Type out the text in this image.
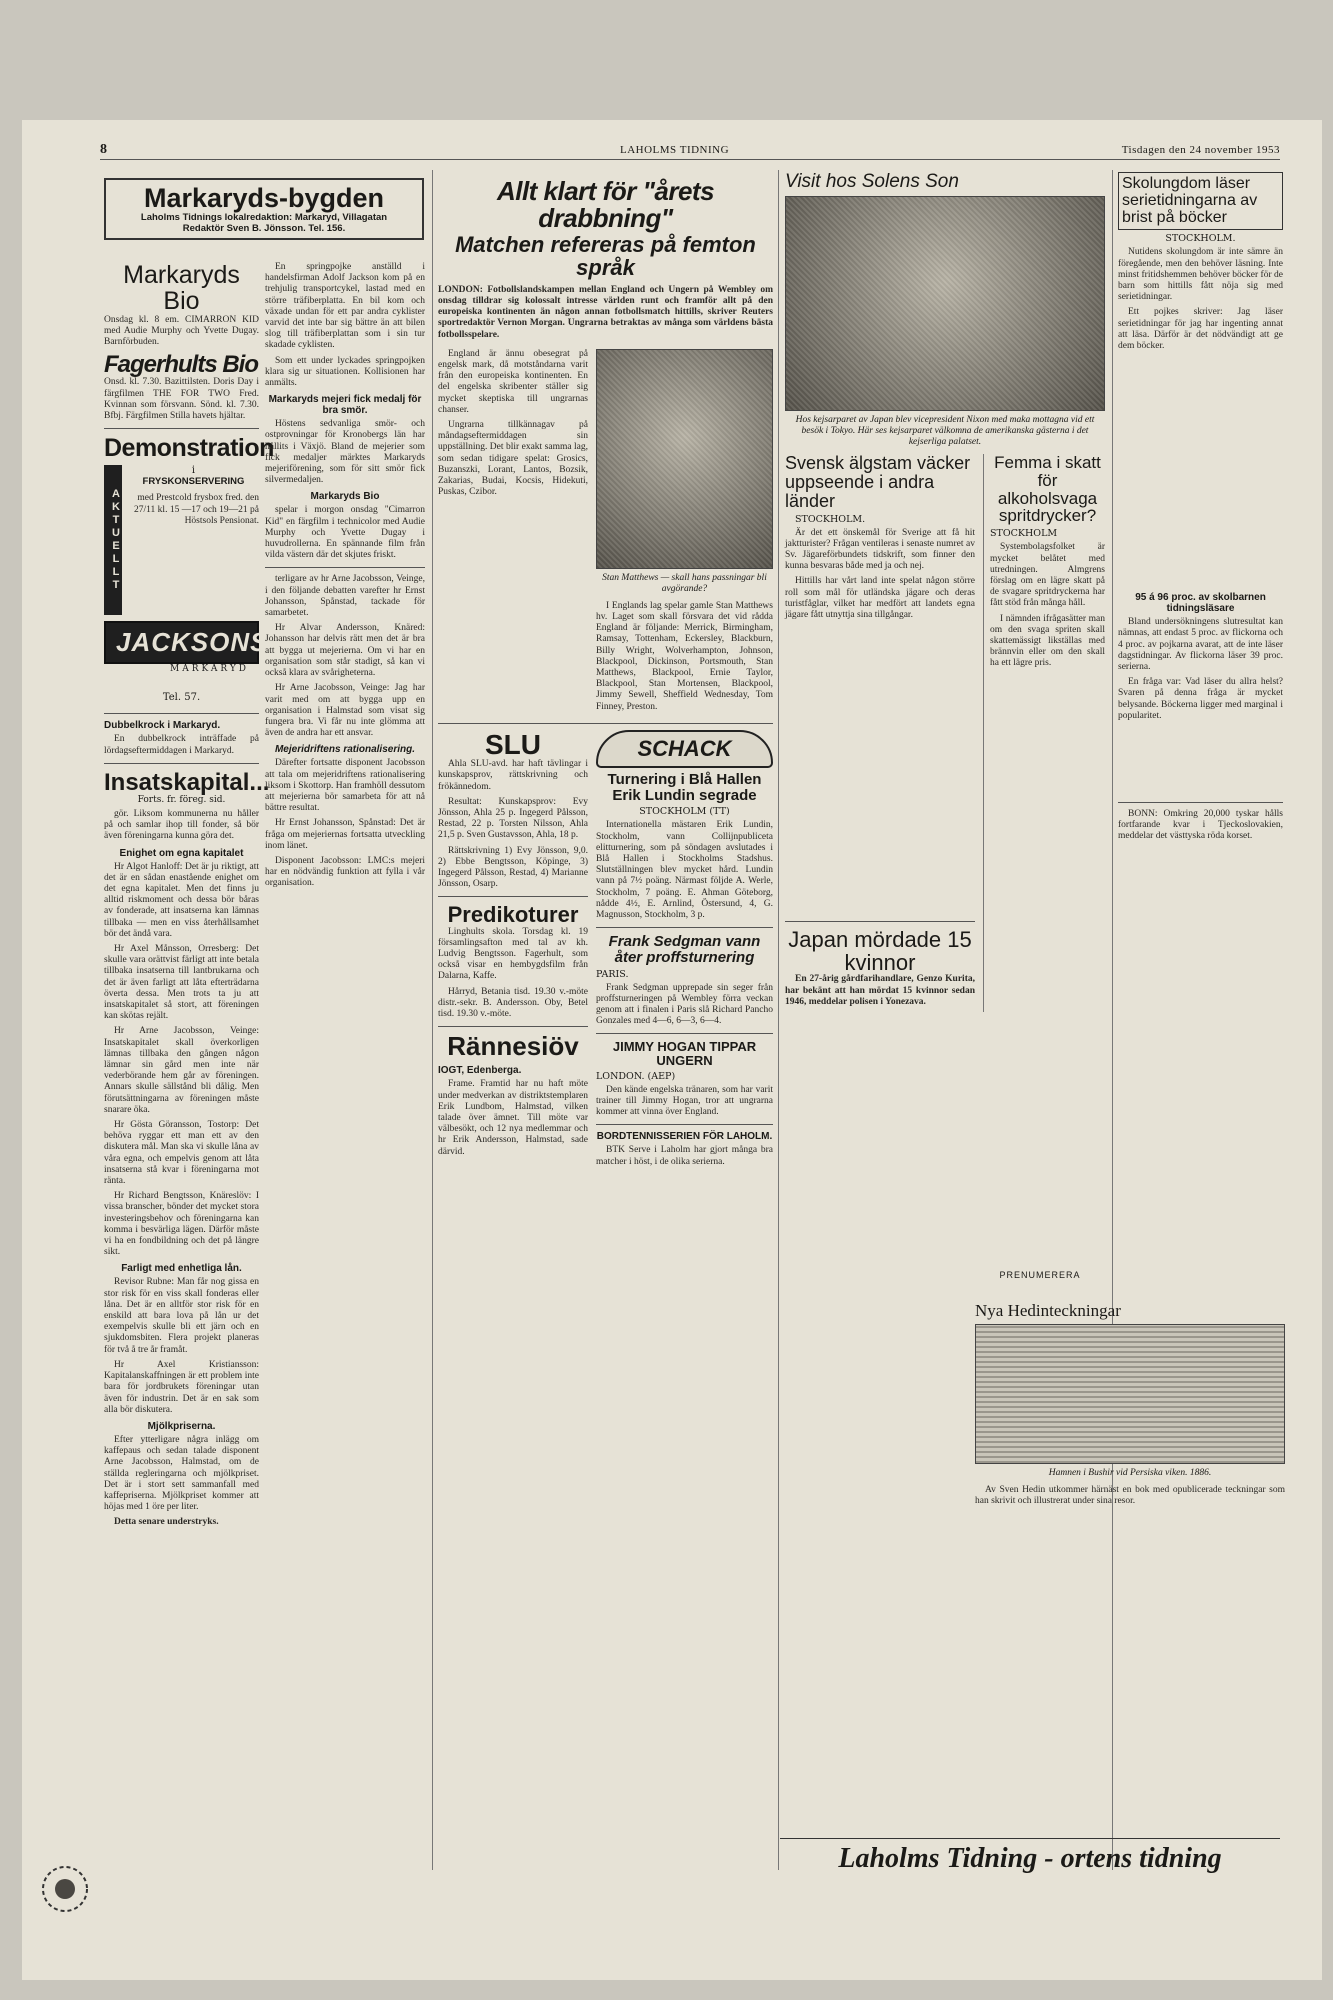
8	LAHOLMS TIDNING	Tisdagen den 24 november 1953
Markaryds-bygden
Laholms Tidnings lokalredaktion: Markaryd, Villagatan
Redaktör Sven B. Jönsson. Tel. 156.
Markaryds Bio
Onsdag kl. 8 em. CIMARRON KID med Audie Murphy och Yvette Dugay. Barnförbuden.
Fagerhults Bio
Onsd. kl. 7.30. Bazittilsten. Doris Day i färgfilmen THE FOR TWO Fred. Kvinnan som försvann. Sönd. kl. 7.30. Bfbj. Färgfilmen Stilla havets hjältar.
Demonstration
AKTUELLT
i
FRYSKONSERVERING
med Prestcold frysbox fred. den 27/11 kl. 15 —17 och 19—21 på Höstsols Pensionat.
JACKSONS
MARKARYD
Tel. 57.
Dubbelkrock i Markaryd.
En dubbelkrock inträffade på lördagseftermiddagen i Markaryd.
Insatskapital...
Forts. fr. föreg. sid.
gör. Liksom kommunerna nu håller på och samlar ihop till fonder, så bör även föreningarna kunna göra det.
Enighet om egna kapitalet
Hr Algot Hanloff: Det är ju riktigt, att det är en sådan enastående enighet om det egna kapitalet. Men det finns ju alltid riskmoment och dessa bör båras av fonderade, att insatserna kan lämnas tillbaka — men en viss återhållsamhet bör det ändå vara.
Hr Axel Månsson, Orresberg: Det skulle vara orättvist färligt att inte betala tillbaka insatserna till lantbrukarna och det är även farligt att låta efterträdarna överta dessa. Men trots ta ju att insatskapitalet så stort, att föreningen kan skötas rejält.
Hr Arne Jacobsson, Veinge: Insatskapitalet skall överkorligen lämnas tillbaka den gången någon lämnar sin gård men inte när vederbörande hem går av föreningen. Annars skulle sällstånd bli dålig. Men förutsättningarna av föreningen måste snarare öka.
Hr Gösta Göransson, Tostorp: Det behöva ryggar ett man ett av den diskutera mål. Man ska vi skulle låna av våra egna, och empelvis genom att låta insatserna stå kvar i föreningarna mot ränta.
Hr Richard Bengtsson, Knäreslöv: I vissa branscher, bönder det mycket stora investeringsbehov och föreningarna kan komma i besvärliga lägen. Därför måste vi ha en fondbildning och det på längre sikt.
Farligt med enhetliga lån.
Revisor Rubne: Man får nog gissa en stor risk för en viss skall fonderas eller låna. Det är en alltför stor risk för en enskild att bara lova på lån ur det exempelvis skulle bli ett järn och en sjukdomsbiten. Flera projekt planeras för två å tre år framåt.
Hr Axel Kristiansson: Kapitalanskaffningen är ett problem inte bara för jordbrukets föreningar utan även för industrin. Det är en sak som alla bör diskutera.
Mjölkpriserna.
Efter ytterligare några inlägg om kaffepaus och sedan talade disponent Arne Jacobsson, Halmstad, om de ställda regleringarna och mjölkpriset. Det är i stort sett sammanfall med kaffepriserna. Mjölkpriset kommer att höjas med 1 öre per liter.
Detta senare understryks.
En springpojke anställd i handelsfirman Adolf Jackson kom på en trehjulig transportcykel, lastad med en större träfiberplatta. En bil kom och växade undan för ett par andra cyklister varvid det inte bar sig bättre än att bilen slog till träfiberplattan som i sin tur skadade cyklisten.
Som ett under lyckades springpojken klara sig ur situationen. Kollisionen har anmälts.
Markaryds mejeri fick medalj för bra smör.
Höstens sedvanliga smör- och ostprovningar för Kronobergs län har hållits i Växjö. Bland de mejerier som fick medaljer märktes Markaryds mejeriförening, som för sitt smör fick silvermedaljen.
Markaryds Bio
spelar i morgon onsdag "Cimarron Kid" en färgfilm i technicolor med Audie Murphy och Yvette Dugay i huvudrollerna. En spännande film från vilda västern där det skjutes friskt.
terligare av hr Arne Jacobsson, Veinge, i den följande debatten varefter hr Ernst Johansson, Spånstad, tackade för samarbetet.
Hr Alvar Andersson, Knäred: Johansson har delvis rätt men det är bra att bygga ut mejerierna. Om vi har en organisation som står stadigt, så kan vi också klara av svårigheterna.
Hr Arne Jacobsson, Veinge: Jag har varit med om att bygga upp en organisation i Halmstad som visat sig fungera bra. Vi får nu inte glömma att även de andra har ett ansvar.
Mejeridriftens rationalisering.
Därefter fortsatte disponent Jacobsson att tala om mejeridriftens rationalisering liksom i Skottorp. Han framhöll dessutom att mejerierna bör samarbeta för att nå bättre resultat.
Hr Ernst Johansson, Spånstad: Det är fråga om mejeriernas fortsatta utveckling inom länet.
Disponent Jacobsson: LMC:s mejeri har en nödvändig funktion att fylla i vår organisation.
Allt klart för "årets drabbning"
Matchen refereras på femton språk
LONDON: Fotbollslandskampen mellan England och Ungern på Wembley om onsdag tilldrar sig kolossalt intresse världen runt och framför allt på den europeiska kontinenten än någon annan fotbollsmatch hittills, skriver Reuters sportredaktör Vernon Morgan. Ungrarna betraktas av många som världens bästa fotbollsspelare.
England är ännu obesegrat på engelsk mark, då motståndarna varit från den europeiska kontinenten. En del engelska skribenter ställer sig mycket skeptiska till ungrarnas chanser.
Ungrarna tillkännagav på måndagseftermiddagen sin uppställning. Det blir exakt samma lag, som sedan tidigare spelat: Grosics, Buzanszki, Lorant, Lantos, Bozsik, Zakarias, Budai, Kocsis, Hidekuti, Puskas, Czibor.
Stan Matthews — skall hans passningar bli avgörande?
I Englands lag spelar gamle Stan Matthews hv. Laget som skall försvara det vid rådda England är följande: Merrick, Birmingham, Ramsay, Tottenham, Eckersley, Blackburn, Billy Wright, Wolverhampton, Johnson, Blackpool, Dickinson, Portsmouth, Stan Matthews, Blackpool, Ernie Taylor, Blackpool, Stan Mortensen, Blackpool, Jimmy Sewell, Sheffield Wednesday, Tom Finney, Preston.
SLU
Ahla SLU-avd. har haft tävlingar i kunskapsprov, rättskrivning och frökännedom.
Resultat: Kunskapsprov: Evy Jönsson, Ahla 25 p. Ingegerd Pålsson, Restad, 22 p. Torsten Nilsson, Ahla 21,5 p. Sven Gustavsson, Ahla, 18 p.
Rättskrivning 1) Evy Jönsson, 9,0. 2) Ebbe Bengtsson, Köpinge, 3) Ingegerd Pålsson, Restad, 4) Marianne Jönsson, Osarp.
Predikoturer
Linghults skola. Torsdag kl. 19 församlingsafton med tal av kh. Ludvig Bengtsson. Fagerhult, som också visar en hembygdsfilm från Dalarna, Kaffe.
Hårryd, Betania tisd. 19.30 v.-möte distr.-sekr. B. Andersson. Oby, Betel tisd. 19.30 v.-möte.
Rännesiöv
IOGT, Edenberga.
Frame. Framtid har nu haft möte under medverkan av distriktstemplaren Erik Lundbom, Halmstad, vilken talade över ämnet. Till möte var välbesökt, och 12 nya medlemmar och hr Erik Andersson, Halmstad, sade därvid.
SCHACK
Turnering i Blå Hallen
Erik Lundin segrade
STOCKHOLM (TT)
Internationella mästaren Erik Lundin, Stockholm, vann Collijnpubliceta elitturnering, som på söndagen avslutades i Blå Hallen i Stockholms Stadshus. Slutställningen blev mycket hård. Lundin vann på 7½ poäng. Närmast följde A. Werle, Stockholm, 7 poäng. E. Ahman Göteborg, nådde 4½, E. Arnlind, Östersund, 4, G. Magnusson, Stockholm, 3 p.
Frank Sedgman vann åter proffsturnering
PARIS.
Frank Sedgman upprepade sin seger från proffsturneringen på Wembley förra veckan genom att i finalen i Paris slå Richard Pancho Gonzales med 4—6, 6—3, 6—4.
JIMMY HOGAN TIPPAR UNGERN
LONDON. (AEP)
Den kände engelska tränaren, som har varit trainer till Jimmy Hogan, tror att ungrarna kommer att vinna över England.
BORDTENNISSERIEN FÖR LAHOLM.
BTK Serve i Laholm har gjort många bra matcher i höst, i de olika serierna.
Visit hos Solens Son
Hos kejsarparet av Japan blev vicepresident Nixon med maka mottagna vid ett besök i Tokyo. Här ses kejsarparet välkomna de amerikanska gästerna i det kejserliga palatset.
Svensk älgstam väcker uppseende i andra länder
STOCKHOLM.
Är det ett önskemål för Sverige att få hit jaktturister? Frågan ventileras i senaste numret av Sv. Jägareförbundets tidskrift, som finner den kunna besvaras både med ja och nej.
Hittills har vårt land inte spelat någon större roll som mål för utländska jägare och deras turistfåglar, vilket har medfört att landets egna jägare fått utnyttja sina tillgångar.
Japan mördade 15 kvinnor
En 27-årig gårdfarihandlare, Genzo Kurita, har bekänt att han mördat 15 kvinnor sedan 1946, meddelar polisen i Yonezava.
Femma i skatt för alkoholsvaga spritdrycker?
STOCKHOLM
Systembolagsfolket är mycket belåtet med utredningen. Almgrens förslag om en lägre skatt på de svagare spritdryckerna har fått stöd från många håll.
I nämnden ifrågasätter man om den svaga spriten skall skattemässigt likställas med brännvin eller om den skall ha ett lägre pris.
PRENUMERERA
Nya Hedinteckningar
Hamnen i Bushir vid Persiska viken. 1886.
Av Sven Hedin utkommer härnäst en bok med opublicerade teckningar som han skrivit och illustrerat under sina resor.
Skolungdom läser serietidningarna av brist på böcker
STOCKHOLM.
Nutidens skolungdom är inte sämre än föregående, men den behöver läsning. Inte minst fritidshemmen behöver böcker för de barn som hittills fått nöja sig med serietidningar.
Ett pojkes skriver: Jag läser serietidningar för jag har ingenting annat att läsa. Därför är det nödvändigt att ge dem böcker.
95 á 96 proc. av skolbarnen tidningsläsare
Bland undersökningens slutresultat kan nämnas, att endast 5 proc. av flickorna och 4 proc. av pojkarna avarat, att de inte läser dagstidningar. Av flickorna läser 39 proc. serierna.
En fråga var: Vad läser du allra helst? Svaren på denna fråga är mycket belysande. Böckerna ligger med marginal i popularitet.
BONN: Omkring 20,000 tyskar hålls fortfarande kvar i Tjeckoslovakien, meddelar det västtyska röda korset.
Laholms Tidning - ortens tidning
